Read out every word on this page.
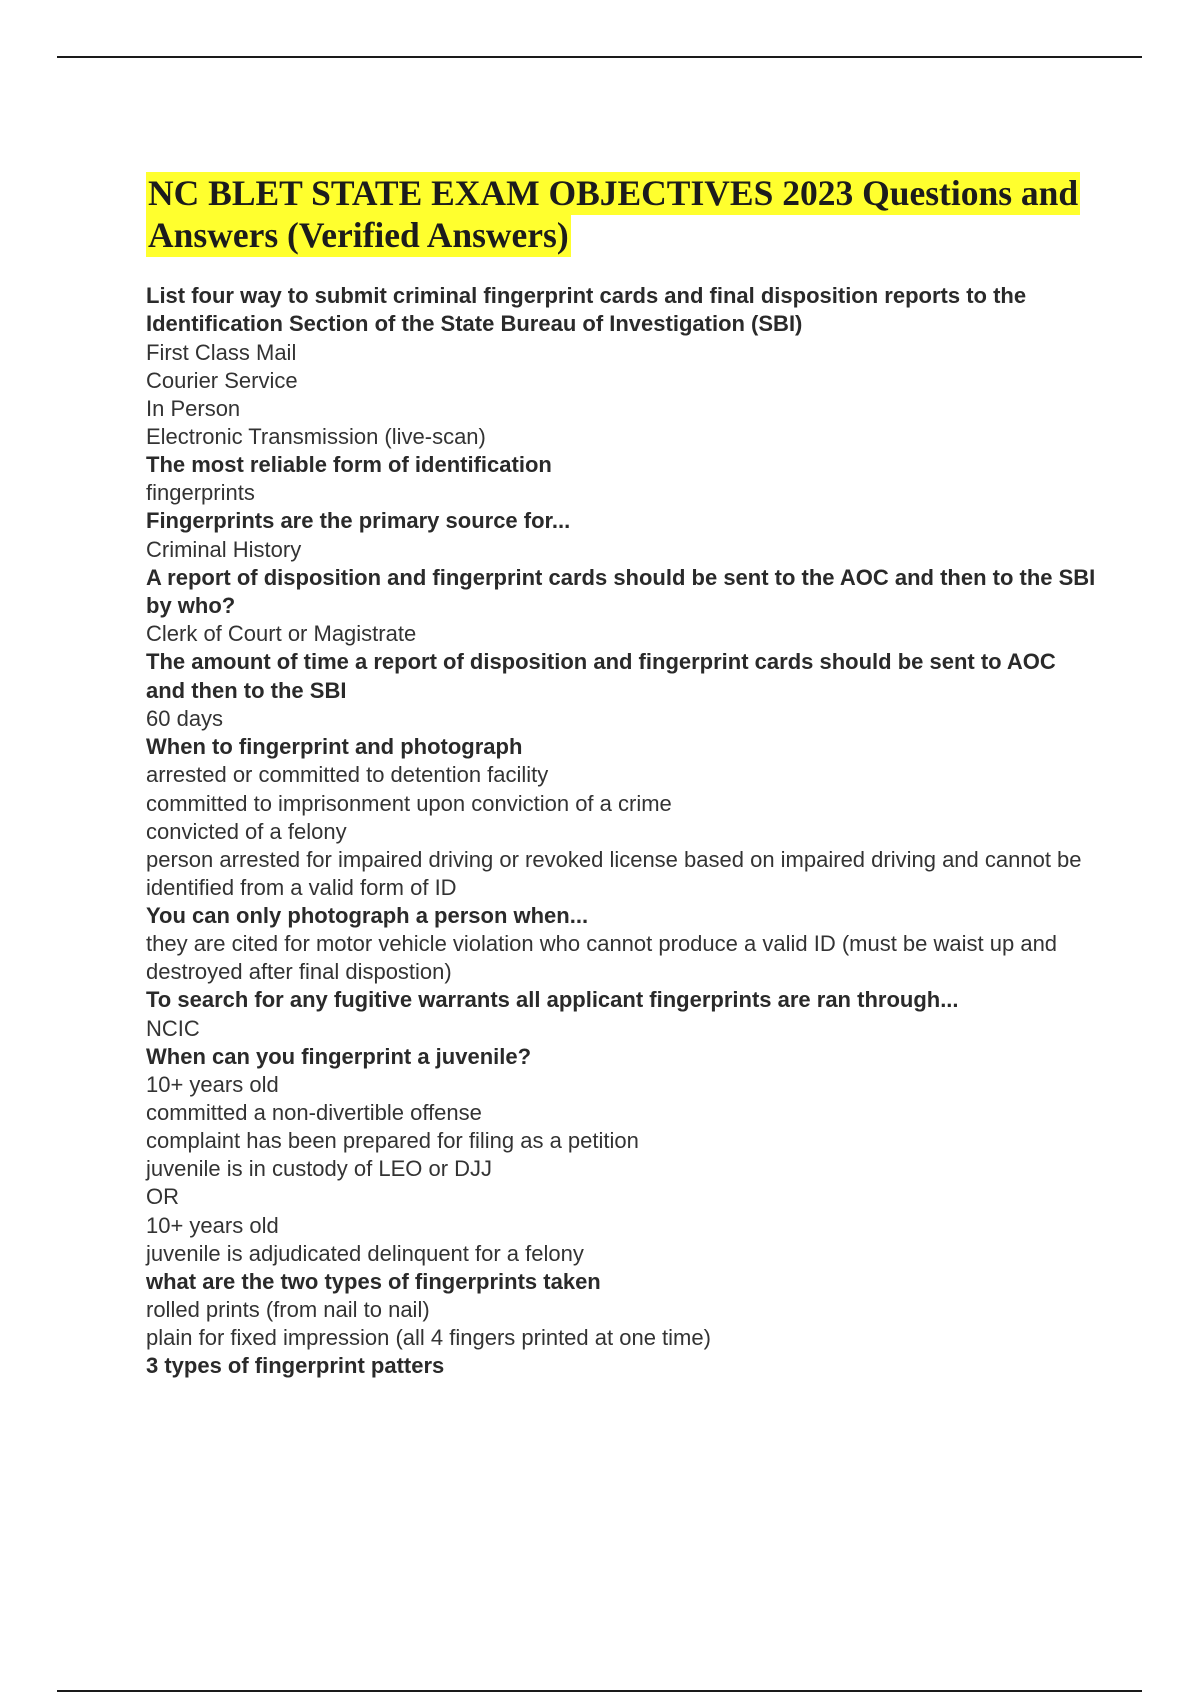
NC BLET STATE EXAM OBJECTIVES 2023 Questions and Answers (Verified Answers)
List four way to submit criminal fingerprint cards and final disposition reports to the Identification Section of the State Bureau of Investigation (SBI)
First Class Mail
Courier Service
In Person
Electronic Transmission (live-scan)
The most reliable form of identification
fingerprints
Fingerprints are the primary source for...
Criminal History
A report of disposition and fingerprint cards should be sent to the AOC and then to the SBI by who?
Clerk of Court or Magistrate
The amount of time a report of disposition and fingerprint cards should be sent to AOC and then to the SBI
60 days
When to fingerprint and photograph
arrested or committed to detention facility
committed to imprisonment upon conviction of a crime
convicted of a felony
person arrested for impaired driving or revoked license based on impaired driving and cannot be identified from a valid form of ID
You can only photograph a person when...
they are cited for motor vehicle violation who cannot produce a valid ID (must be waist up and destroyed after final dispostion)
To search for any fugitive warrants all applicant fingerprints are ran through...
NCIC
When can you fingerprint a juvenile?
10+ years old
committed a non-divertible offense
complaint has been prepared for filing as a petition
juvenile is in custody of LEO or DJJ
OR
10+ years old
juvenile is adjudicated delinquent for a felony
what are the two types of fingerprints taken
rolled prints (from nail to nail)
plain for fixed impression (all 4 fingers printed at one time)
3 types of fingerprint patters
